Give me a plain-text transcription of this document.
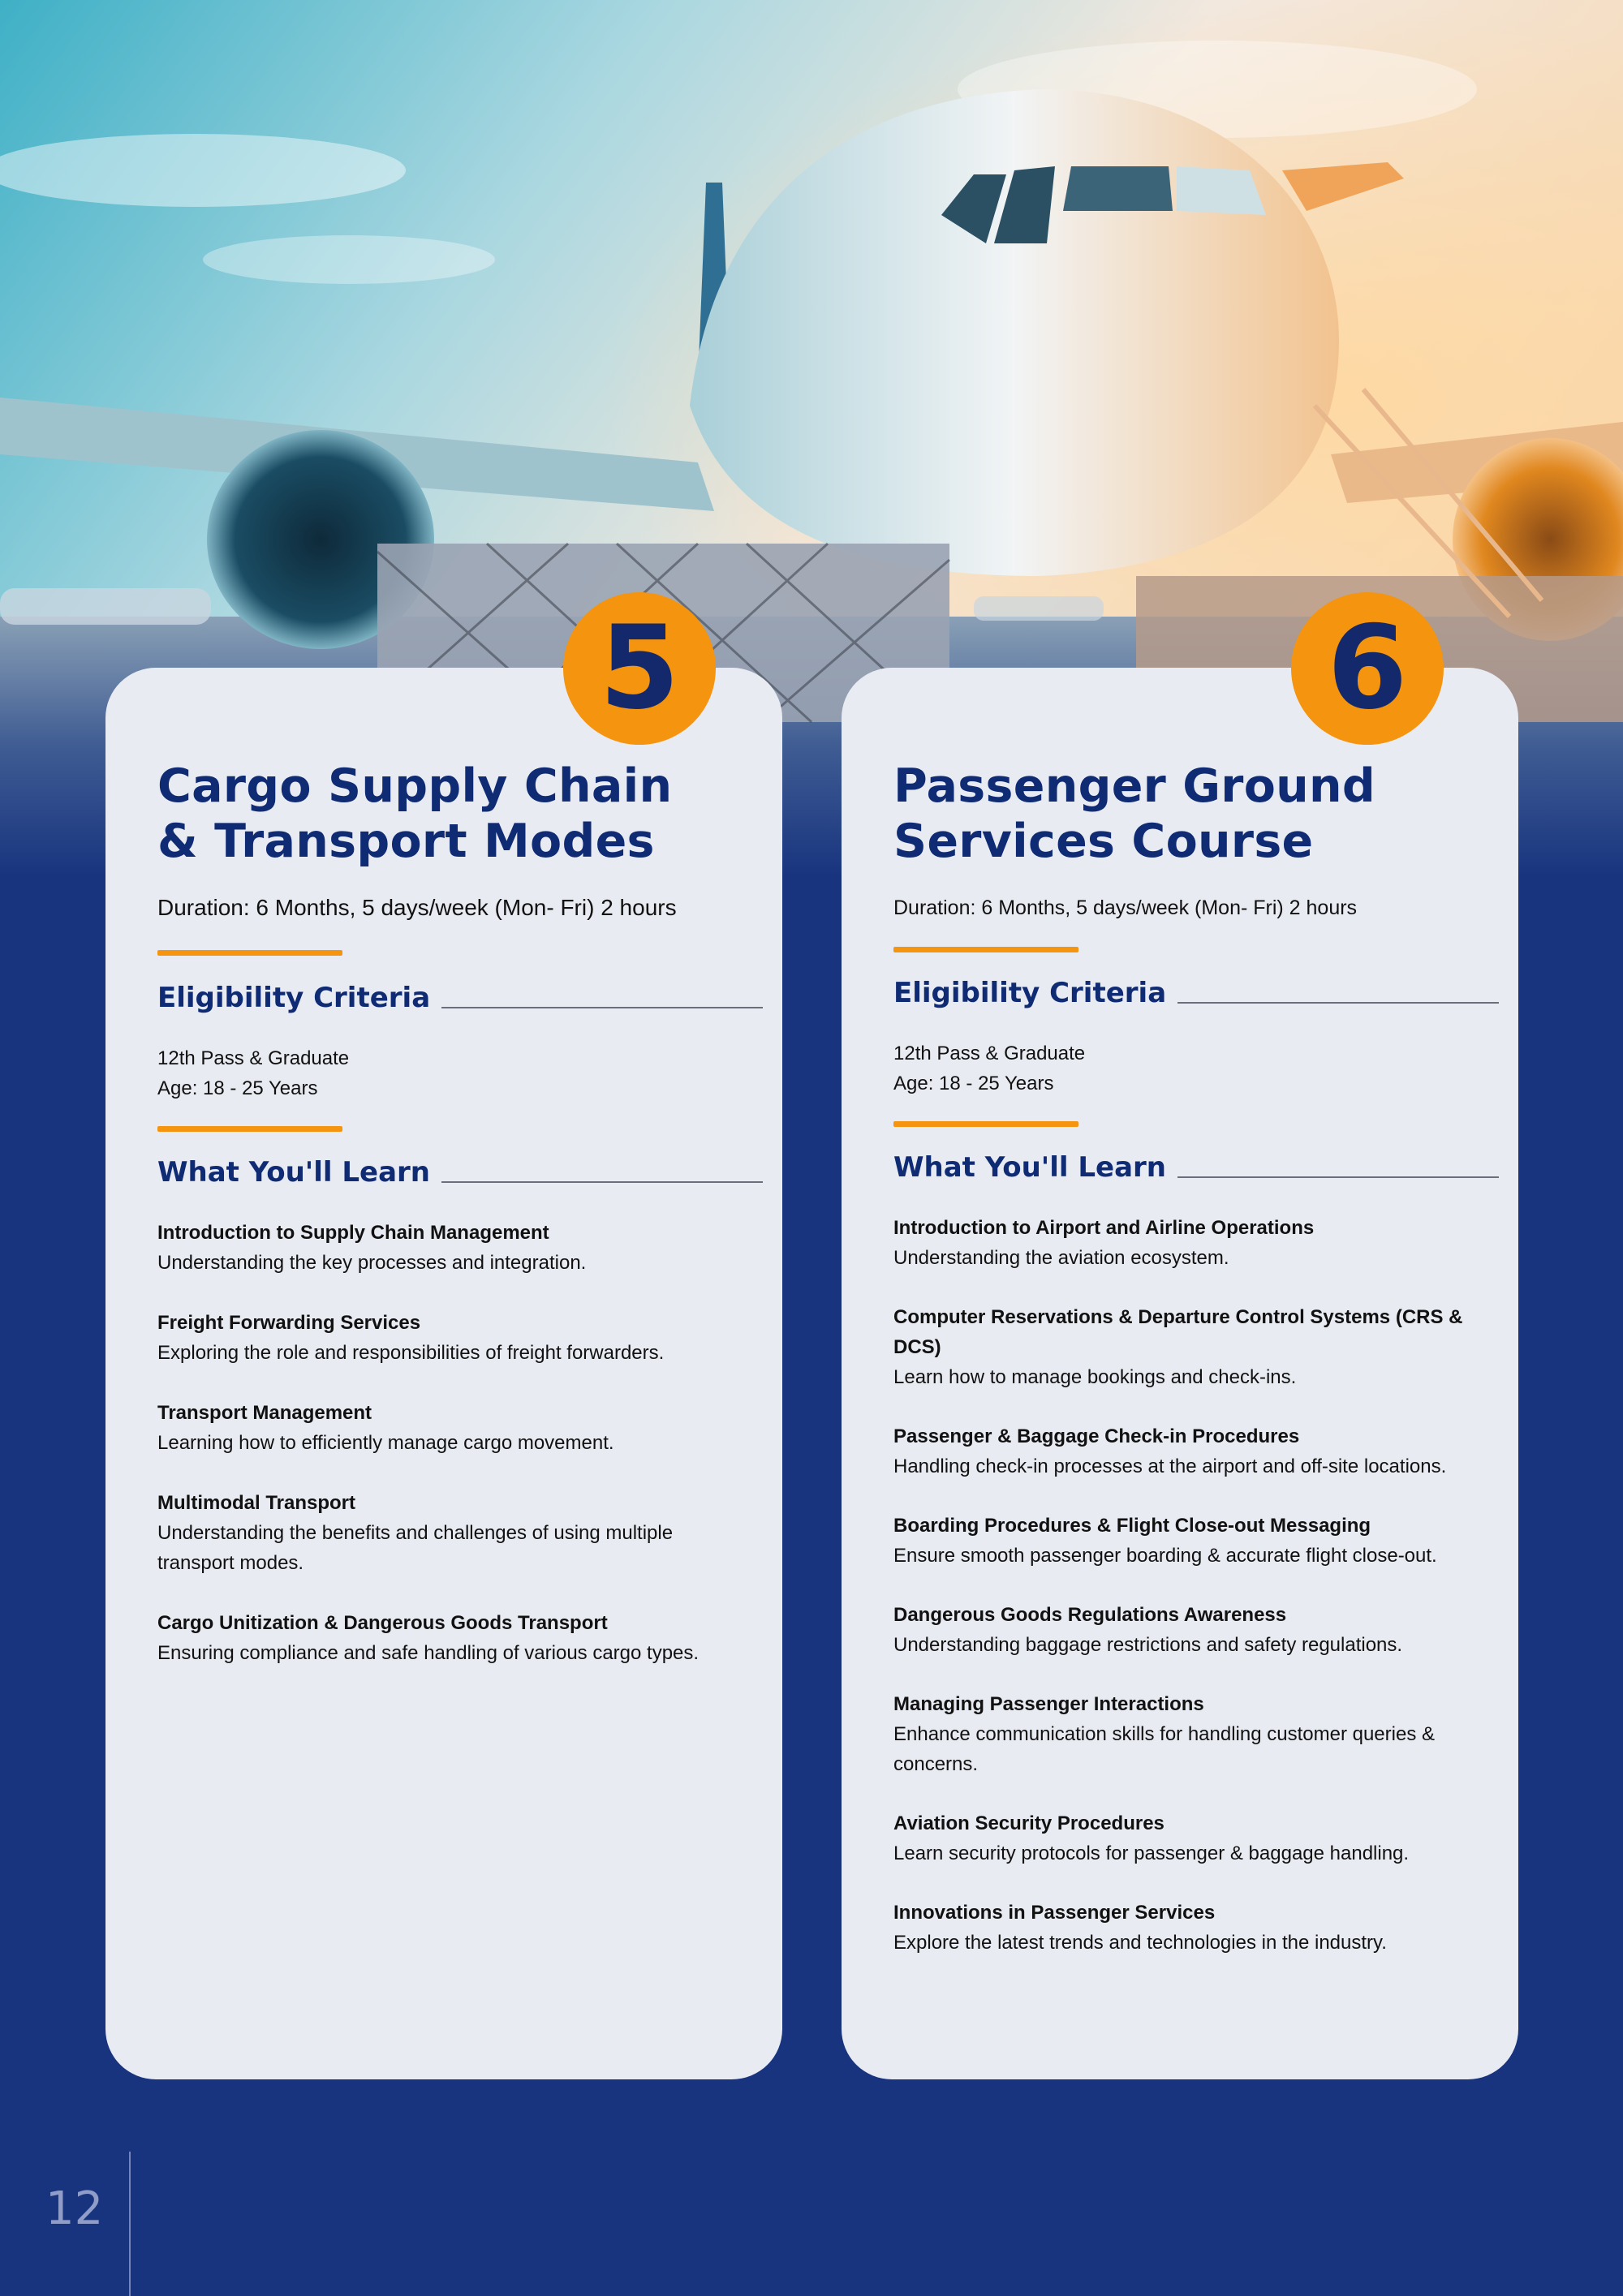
5
Cargo Supply Chain
& Transport Modes

Duration: 6 Months, 5 days/week (Mon- Fri) 2 hours

Eligibility Criteria
12th Pass & Graduate
Age: 18 - 25 Years
What You'll Learn
Introduction to Supply Chain Management
Understanding the key processes and integration.
Freight Forwarding Services
Exploring the role and responsibilities of freight forwarders.
Transport Management
Learning how to efficiently manage cargo movement.
Multimodal Transport
Understanding the benefits and challenges of using multiple transport modes.
Cargo Unitization & Dangerous Goods Transport
Ensuring compliance and safe handling of various cargo types.
6
Passenger Ground
Services Course

Duration: 6 Months, 5 days/week (Mon- Fri) 2 hours

Eligibility Criteria
12th Pass & Graduate
Age: 18 - 25 Years
What You'll Learn
Introduction to Airport and Airline Operations
Understanding the aviation ecosystem.
Computer Reservations & Departure Control Systems (CRS & DCS)
Learn how to manage bookings and check-ins.
Passenger & Baggage Check-in Procedures
Handling check-in processes at the airport and off-site locations.
Boarding Procedures & Flight Close-out Messaging
Ensure smooth passenger boarding & accurate flight close-out.
Dangerous Goods Regulations Awareness
Understanding baggage restrictions and safety regulations.
Managing Passenger Interactions
Enhance communication skills for handling customer queries & concerns.
Aviation Security Procedures
Learn security protocols for passenger & baggage handling.
Innovations in Passenger Services
Explore the latest trends and technologies in the industry.
12
